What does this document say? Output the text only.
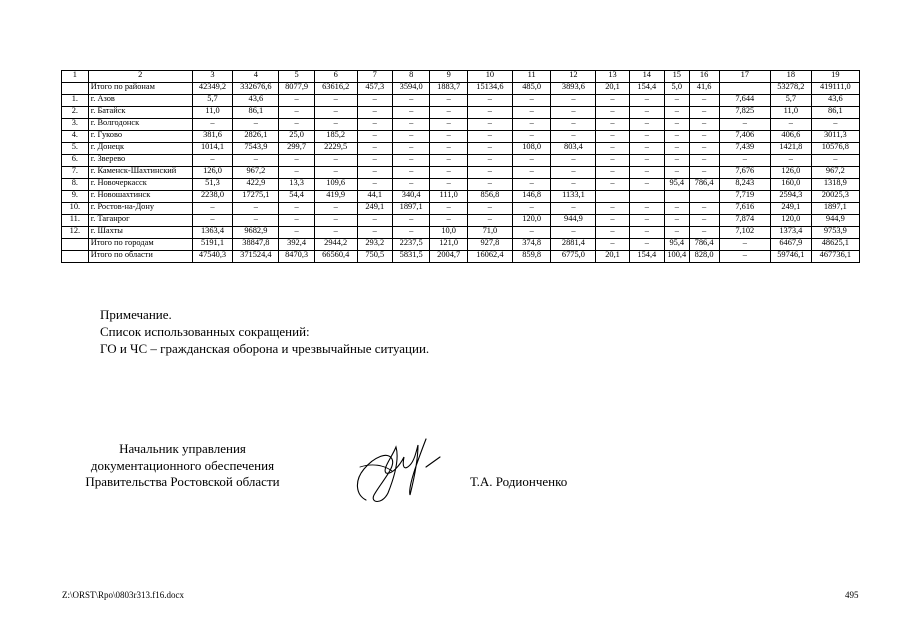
1	2	3	4	5	6	7	8	9	10	11	12	13	14	15	16	17	18	19
	Итого по районам	42349,2	332676,6	8077,9	63616,2	457,3	3594,0	1883,7	15134,6	485,0	3893,6	20,1	154,4	5,0	41,6		53278,2	419111,0
1.	г. Азов	5,7	43,6	–	–	–	–	–	–	–	–	–	–	–	–	7,644	5,7	43,6
2.	г. Батайск	11,0	86,1	–	–	–	–	–	–	–	–	–	–	–	–	7,825	11,0	86,1
3.	г. Волгодонск	–	–	–	–	–	–	–	–	–	–	–	–	–	–	–	–	–
4.	г. Гуково	381,6	2826,1	25,0	185,2	–	–	–	–	–	–	–	–	–	–	7,406	406,6	3011,3
5.	г. Донецк	1014,1	7543,9	299,7	2229,5	–	–	–	–	108,0	803,4	–	–	–	–	7,439	1421,8	10576,8
6.	г. Зверево	–	–	–	–	–	–	–	–	–	–	–	–	–	–	–	–	–
7.	г. Каменск-Шахтинский	126,0	967,2	–	–	–	–	–	–	–	–	–	–	–	–	7,676	126,0	967,2
8.	г. Новочеркасск	51,3	422,9	13,3	109,6	–	–	–	–	–	–	–	–	95,4	786,4	8,243	160,0	1318,9
9.	г. Новошахтинск	2238,0	17275,1	54,4	419,9	44,1	340,4	111,0	856,8	146,8	1133,1					7,719	2594,3	20025,3
10.	г. Ростов-на-Дону	–	–	–	–	249,1	1897,1	–	–	–	–	–	–	–	–	7,616	249,1	1897,1
11.	г. Таганрог	–	–	–	–	–	–	–	–	120,0	944,9	–	–	–	–	7,874	120,0	944,9
12.	г. Шахты	1363,4	9682,9	–	–	–	–	10,0	71,0	–	–	–	–	–	–	7,102	1373,4	9753,9
	Итого по городам	5191,1	38847,8	392,4	2944,2	293,2	2237,5	121,0	927,8	374,8	2881,4	–	–	95,4	786,4	–	6467,9	48625,1
	Итого по области	47540,3	371524,4	8470,3	66560,4	750,5	5831,5	2004,7	16062,4	859,8	6775,0	20,1	154,4	100,4	828,0	–	59746,1	467736,1
Примечание.
Список использованных сокращений:
ГО и ЧС – гражданская оборона и чрезвычайные ситуации.
Начальник управления
документационного обеспечения
Правительства Ростовской области	Т.А. Родионченко
Z:\ORST\Rpo\0803r313.f16.docx	495
